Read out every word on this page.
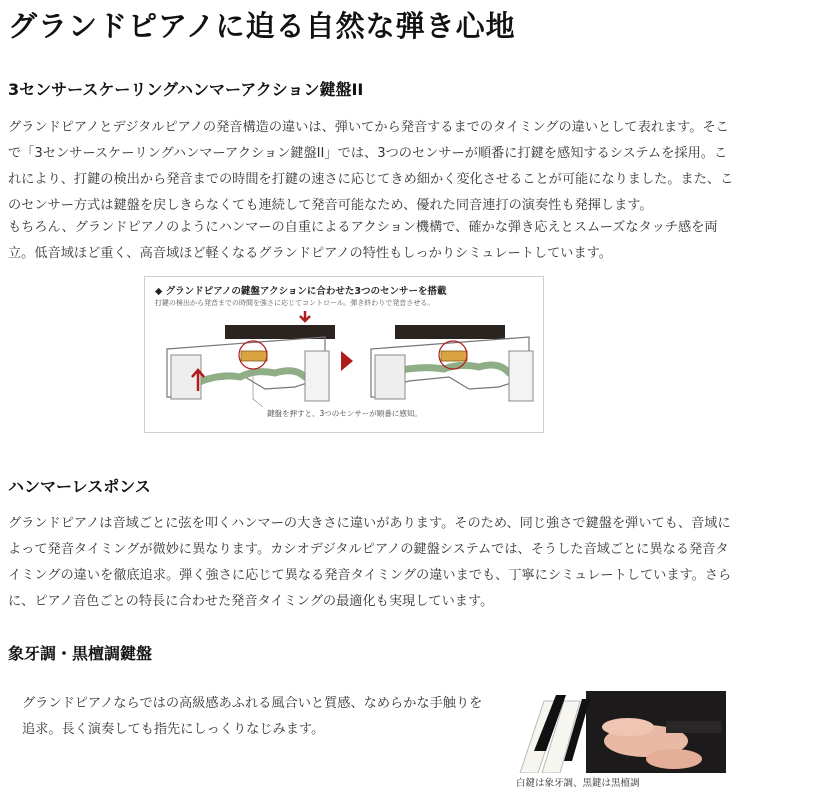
グランドピアノに迫る自然な弾き心地
3センサースケーリングハンマーアクション鍵盤II

グランドピアノとデジタルピアノの発音構造の違いは、弾いてから発音するまでのタイミングの違いとして表れます。そこで「3センサースケーリングハンマーアクション鍵盤II」では、3つのセンサーが順番に打鍵を感知するシステムを採用。これにより、打鍵の検出から発音までの時間を打鍵の速さに応じてきめ細かく変化させることが可能になりました。また、このセンサー方式は鍵盤を戻しきらなくても連続して発音可能なため、優れた同音連打の演奏性も発揮します。

もちろん、グランドピアノのようにハンマーの自重によるアクション機構で、確かな弾き応えとスムーズなタッチ感を両立。低音域ほど重く、高音域ほど軽くなるグランドピアノの特性もしっかりシミュレートしています。

◆ グランドピアノの鍵盤アクションに合わせた3つのセンサーを搭載
打鍵の検出から発音までの時間を強さに応じてコントロール。弾き終わりで発音させる。
鍵盤を押すと、3つのセンサーが順番に感知。
ハンマーレスポンス

グランドピアノは音域ごとに弦を叩くハンマーの大きさに違いがあります。そのため、同じ強さで鍵盤を弾いても、音域によって発音タイミングが微妙に異なります。カシオデジタルピアノの鍵盤システムでは、そうした音域ごとに異なる発音タイミングの違いを徹底追求。弾く強さに応じて異なる発音タイミングの違いまでも、丁寧にシミュレートしています。さらに、ピアノ音色ごとの特長に合わせた発音タイミングの最適化も実現しています。

象牙調・黒檀調鍵盤

グランドピアノならではの高級感あふれる風合いと質感、なめらかな手触りを追求。長く演奏しても指先にしっくりなじみます。

白鍵は象牙調、黒鍵は黒檀調
